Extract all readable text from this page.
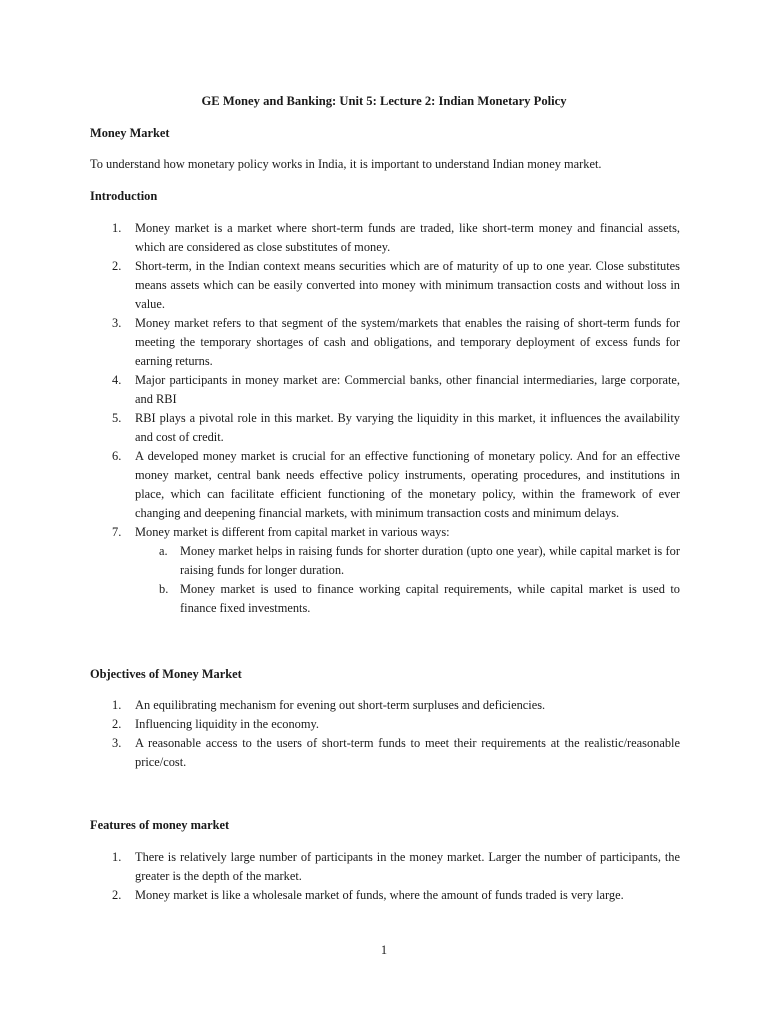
GE Money and Banking: Unit 5: Lecture 2: Indian Monetary Policy
Money Market
To understand how monetary policy works in India, it is important to understand Indian money market.
Introduction
1. Money market is a market where short-term funds are traded, like short-term money and financial assets, which are considered as close substitutes of money.
2. Short-term, in the Indian context means securities which are of maturity of up to one year. Close substitutes means assets which can be easily converted into money with minimum transaction costs and without loss in value.
3. Money market refers to that segment of the system/markets that enables the raising of short-term funds for meeting the temporary shortages of cash and obligations, and temporary deployment of excess funds for earning returns.
4. Major participants in money market are: Commercial banks, other financial intermediaries, large corporate, and RBI
5. RBI plays a pivotal role in this market. By varying the liquidity in this market, it influences the availability and cost of credit.
6. A developed money market is crucial for an effective functioning of monetary policy. And for an effective money market, central bank needs effective policy instruments, operating procedures, and institutions in place, which can facilitate efficient functioning of the monetary policy, within the framework of ever changing and deepening financial markets, with minimum transaction costs and minimum delays.
7. Money market is different from capital market in various ways:
a. Money market helps in raising funds for shorter duration (upto one year), while capital market is for raising funds for longer duration.
b. Money market is used to finance working capital requirements, while capital market is used to finance fixed investments.
Objectives of Money Market
1. An equilibrating mechanism for evening out short-term surpluses and deficiencies.
2. Influencing liquidity in the economy.
3. A reasonable access to the users of short-term funds to meet their requirements at the realistic/reasonable price/cost.
Features of money market
1. There is relatively large number of participants in the money market. Larger the number of participants, the greater is the depth of the market.
2. Money market is like a wholesale market of funds, where the amount of funds traded is very large.
1
